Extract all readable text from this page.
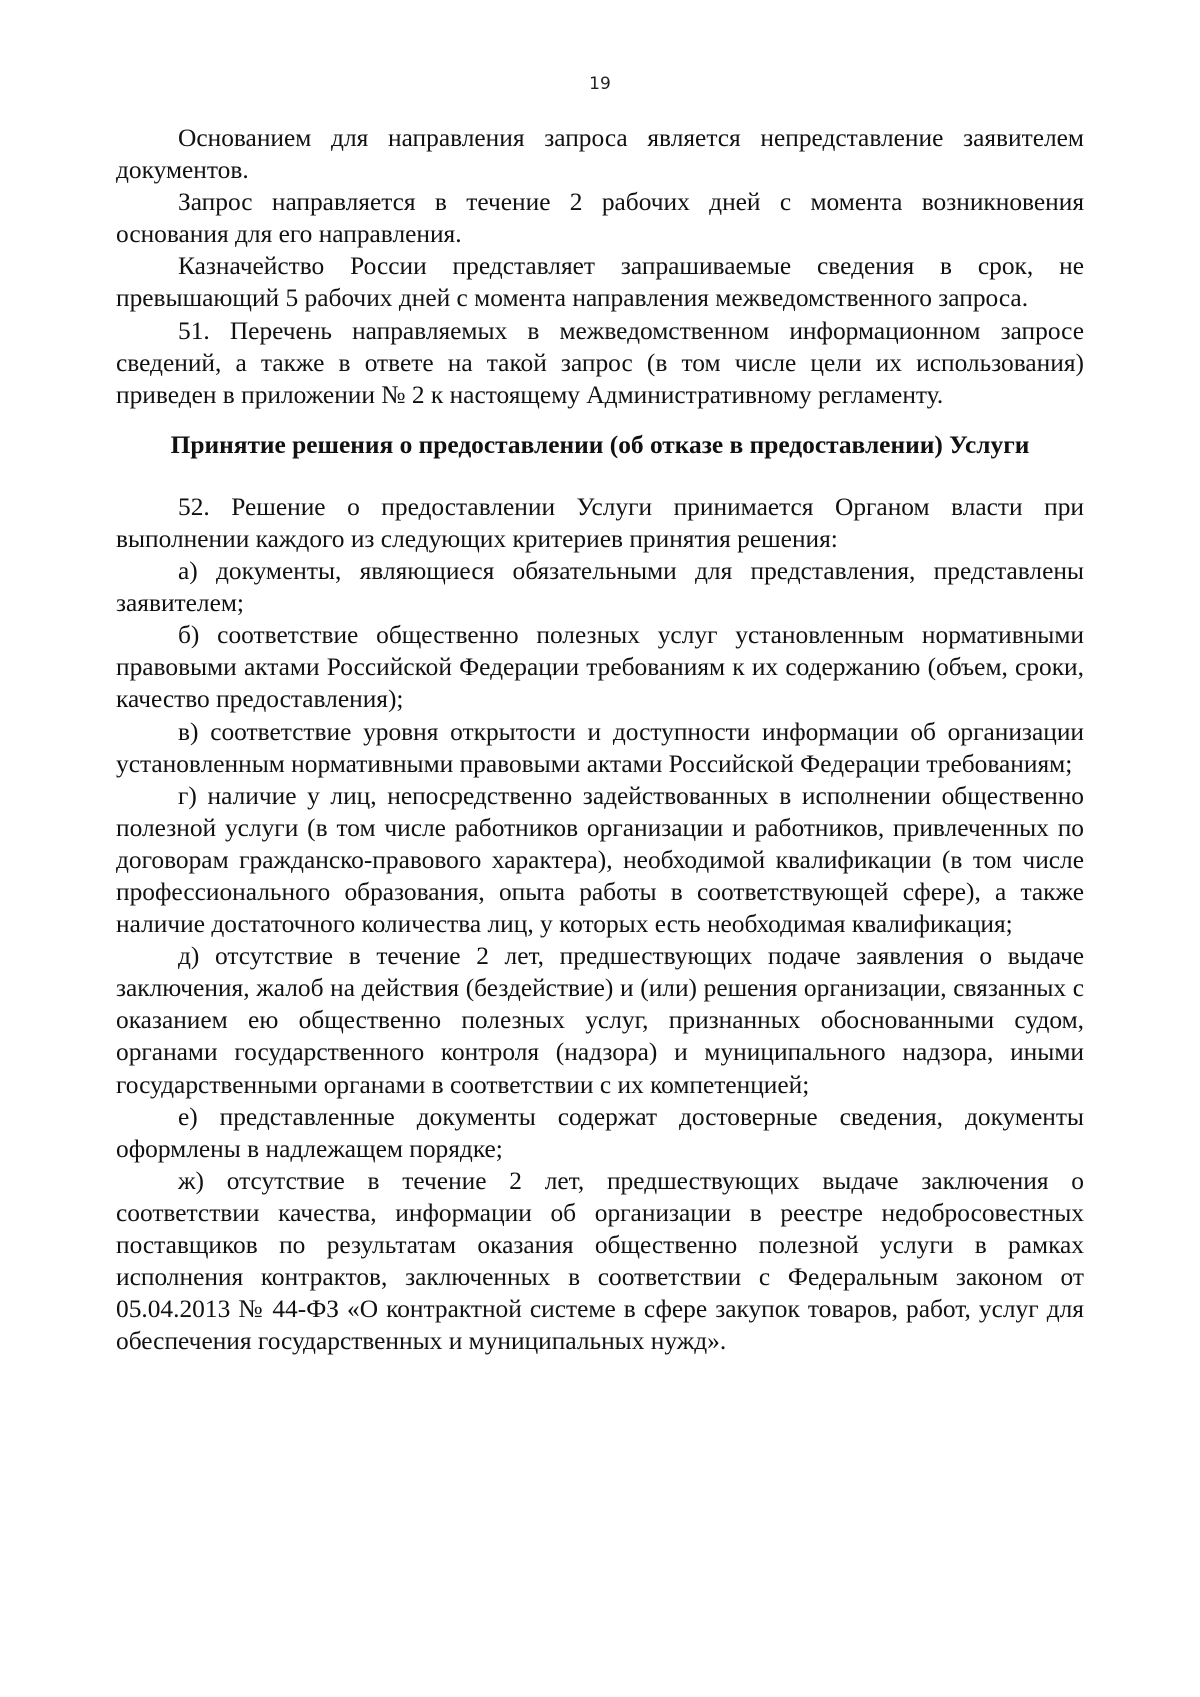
19

Основанием для направления запроса является непредставление заявителем документов.

Запрос направляется в течение 2 рабочих дней с момента возникновения основания для его направления.

Казначейство России представляет запрашиваемые сведения в срок, не превышающий 5 рабочих дней с момента направления межведомственного запроса.

51. Перечень направляемых в межведомственном информационном запросе сведений, а также в ответе на такой запрос (в том числе цели их использования) приведен в приложении № 2 к настоящему Административному регламенту.

Принятие решения о предоставлении (об отказе в предоставлении) Услуги

52. Решение о предоставлении Услуги принимается Органом власти при выполнении каждого из следующих критериев принятия решения:

а) документы, являющиеся обязательными для представления, представлены заявителем;

б) соответствие общественно полезных услуг установленным нормативными правовыми актами Российской Федерации требованиям к их содержанию (объем, сроки, качество предоставления);

в) соответствие уровня открытости и доступности информации об организации установленным нормативными правовыми актами Российской Федерации требованиям;

г) наличие у лиц, непосредственно задействованных в исполнении общественно полезной услуги (в том числе работников организации и работников, привлеченных по договорам гражданско-правового характера), необходимой квалификации (в том числе профессионального образования, опыта работы в соответствующей сфере), а также наличие достаточного количества лиц, у которых есть необходимая квалификация;

д) отсутствие в течение 2 лет, предшествующих подаче заявления о выдаче заключения, жалоб на действия (бездействие) и (или) решения организации, связанных с оказанием ею общественно полезных услуг, признанных обоснованными судом, органами государственного контроля (надзора) и муниципального надзора, иными государственными органами в соответствии с их компетенцией;

е) представленные документы содержат достоверные сведения, документы оформлены в надлежащем порядке;

ж) отсутствие в течение 2 лет, предшествующих выдаче заключения о соответствии качества, информации об организации в реестре недобросовестных поставщиков по результатам оказания общественно полезной услуги в рамках исполнения контрактов, заключенных в соответствии с Федеральным законом от 05.04.2013 № 44-ФЗ «О контрактной системе в сфере закупок товаров, работ, услуг для обеспечения государственных и муниципальных нужд».
